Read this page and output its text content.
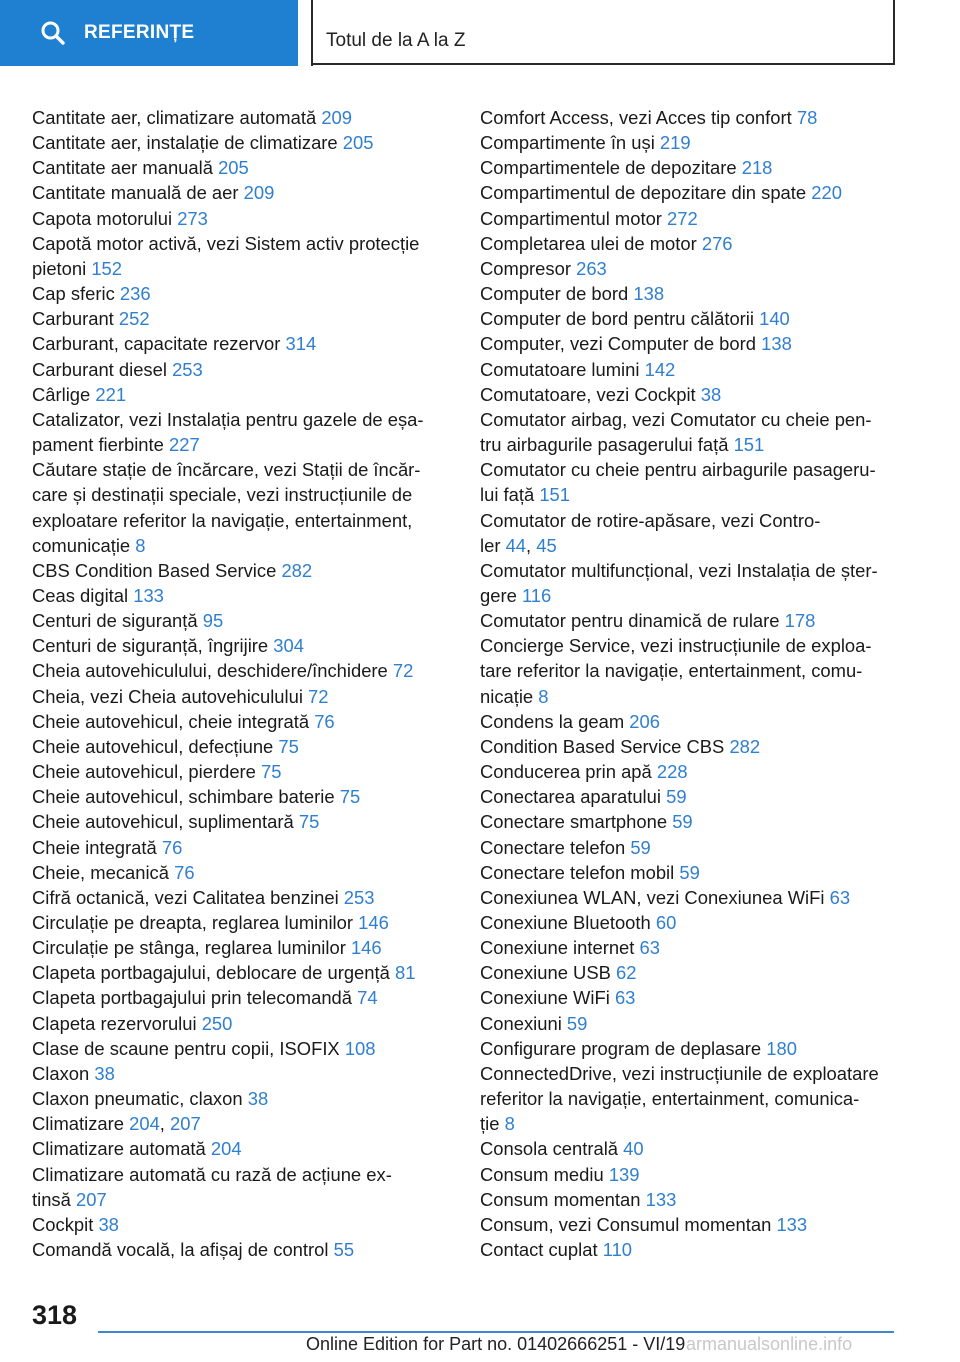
REFERINȚE	Totul de la A la Z
Cantitate aer, climatizare automată 209
Cantitate aer, instalație de climatizare 205
Cantitate aer manuală 205
Cantitate manuală de aer 209
Capota motorului 273
Capotă motor activă, vezi Sistem activ protecție
pietoni 152
Cap sferic 236
Carburant 252
Carburant, capacitate rezervor 314
Carburant diesel 253
Cârlige 221
Catalizator, vezi Instalația pentru gazele de eșa-
pament fierbinte 227
Căutare stație de încărcare, vezi Stații de încăr-
care și destinații speciale, vezi instrucțiunile de
exploatare referitor la navigație, entertainment,
comunicație 8
CBS Condition Based Service 282
Ceas digital 133
Centuri de siguranță 95
Centuri de siguranță, îngrijire 304
Cheia autovehiculului, deschidere/închidere 72
Cheia, vezi Cheia autovehiculului 72
Cheie autovehicul, cheie integrată 76
Cheie autovehicul, defecțiune 75
Cheie autovehicul, pierdere 75
Cheie autovehicul, schimbare baterie 75
Cheie autovehicul, suplimentară 75
Cheie integrată 76
Cheie, mecanică 76
Cifră octanică, vezi Calitatea benzinei 253
Circulație pe dreapta, reglarea luminilor 146
Circulație pe stânga, reglarea luminilor 146
Clapeta portbagajului, deblocare de urgență 81
Clapeta portbagajului prin telecomandă 74
Clapeta rezervorului 250
Clase de scaune pentru copii, ISOFIX 108
Claxon 38
Claxon pneumatic, claxon 38
Climatizare 204, 207
Climatizare automată 204
Climatizare automată cu rază de acțiune ex-
tinsă 207
Cockpit 38
Comandă vocală, la afișaj de control 55
Comfort Access, vezi Acces tip confort 78
Compartimente în uși 219
Compartimentele de depozitare 218
Compartimentul de depozitare din spate 220
Compartimentul motor 272
Completarea ulei de motor 276
Compresor 263
Computer de bord 138
Computer de bord pentru călătorii 140
Computer, vezi Computer de bord 138
Comutatoare lumini 142
Comutatoare, vezi Cockpit 38
Comutator airbag, vezi Comutator cu cheie pen-
tru airbagurile pasagerului față 151
Comutator cu cheie pentru airbagurile pasageru-
lui față 151
Comutator de rotire-apăsare, vezi Contro-
ler 44, 45
Comutator multifuncțional, vezi Instalația de șter-
gere 116
Comutator pentru dinamică de rulare 178
Concierge Service, vezi instrucțiunile de exploa-
tare referitor la navigație, entertainment, comu-
nicație 8
Condens la geam 206
Condition Based Service CBS 282
Conducerea prin apă 228
Conectarea aparatului 59
Conectare smartphone 59
Conectare telefon 59
Conectare telefon mobil 59
Conexiunea WLAN, vezi Conexiunea WiFi 63
Conexiune Bluetooth 60
Conexiune internet 63
Conexiune USB 62
Conexiune WiFi 63
Conexiuni 59
Configurare program de deplasare 180
ConnectedDrive, vezi instrucțiunile de exploatare
referitor la navigație, entertainment, comunica-
ție 8
Consola centrală 40
Consum mediu 139
Consum momentan 133
Consum, vezi Consumul momentan 133
Contact cuplat 110
318
Online Edition for Part no. 01402666251 - VI/19 armanualsonline.info
